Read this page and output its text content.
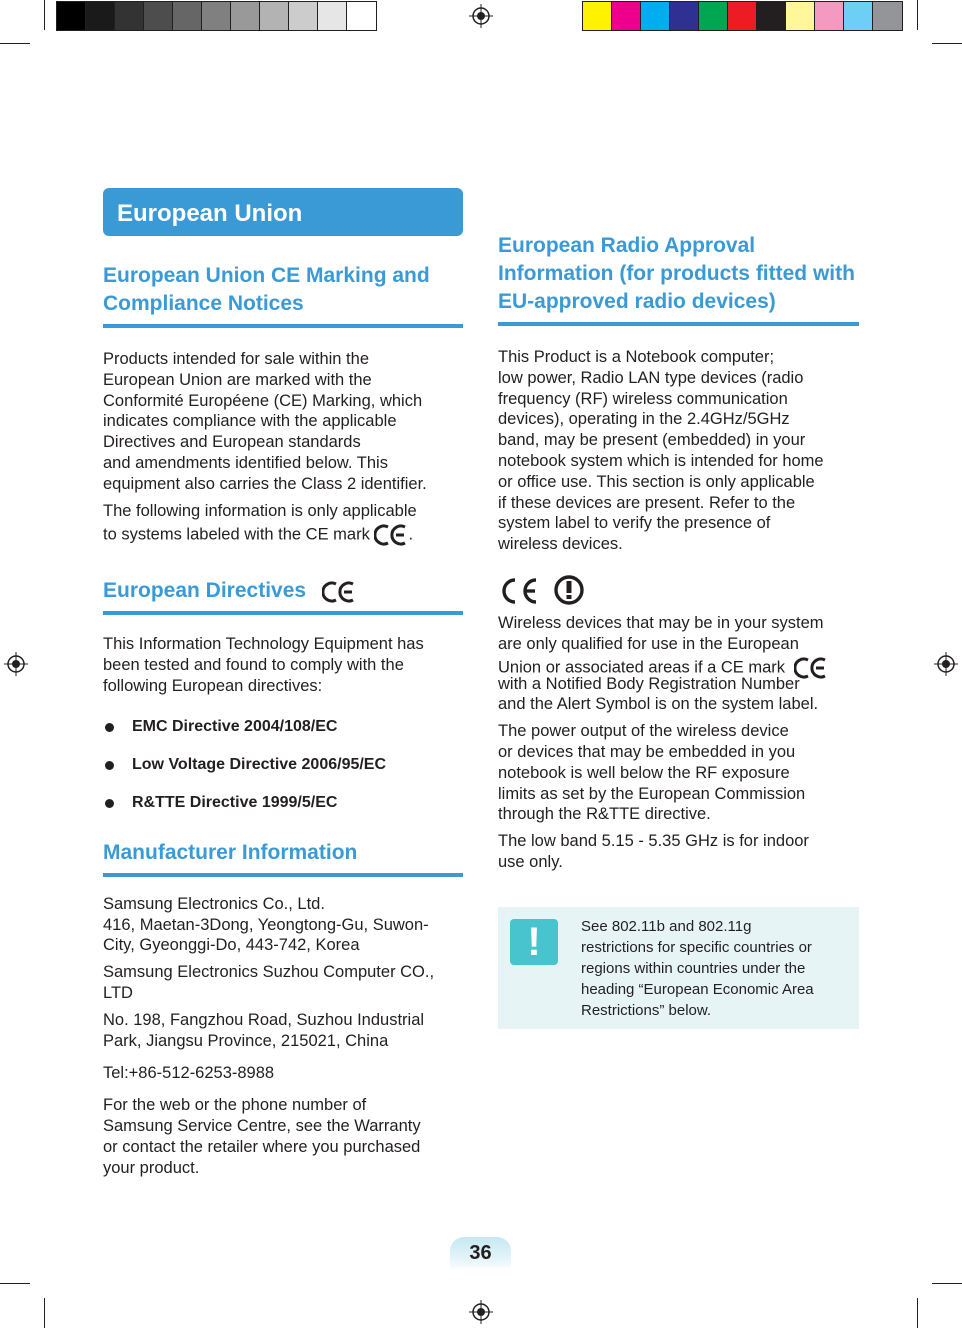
European Union
European Union CE Marking and
Compliance Notices
Products intended for sale within the
European Union are marked with the
Conformité Européene (CE) Marking, which
indicates compliance with the applicable
Directives and European standards
and amendments identified below. This
equipment also carries the Class 2 identifier.
The following information is only applicable
to systems labeled with the CE mark .
European Directives
This Information Technology Equipment has
been tested and found to comply with the
following European directives:
EMC Directive 2004/108/EC
Low Voltage Directive 2006/95/EC
R&TTE Directive 1999/5/EC
Manufacturer Information
Samsung Electronics Co., Ltd.
416, Maetan-3Dong, Yeongtong-Gu, Suwon-
City, Gyeonggi-Do, 443-742, Korea
Samsung Electronics Suzhou Computer CO.,
LTD
No. 198, Fangzhou Road, Suzhou Industrial
Park, Jiangsu Province, 215021, China
Tel:+86-512-6253-8988
For the web or the phone number of
Samsung Service Centre, see the Warranty
or contact the retailer where you purchased
your product.
European Radio Approval
Information (for products fitted with
EU-approved radio devices)
This Product is a Notebook computer;
low power, Radio LAN type devices (radio
frequency (RF) wireless communication
devices), operating in the 2.4GHz/5GHz
band, may be present (embedded) in your
notebook system which is intended for home
or office use. This section is only applicable
if these devices are present. Refer to the
system label to verify the presence of
wireless devices.
Wireless devices that may be in your system
are only qualified for use in the European
Union or associated areas if a CE mark
with a Notified Body Registration Number
and the Alert Symbol is on the system label.
The power output of the wireless device
or devices that may be embedded in you
notebook is well below the RF exposure
limits as set by the European Commission
through the R&TTE directive.
The low band 5.15 - 5.35 GHz is for indoor
use only.
!	See 802.11b and 802.11g
restrictions for specific countries or
regions within countries under the
heading “European Economic Area
Restrictions” below.
36
